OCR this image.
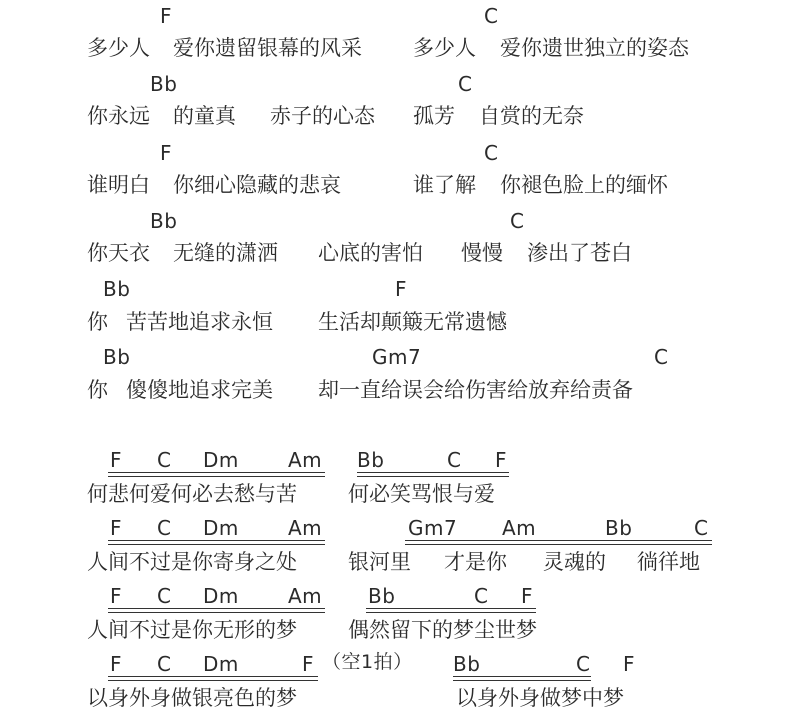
F	C
多少人 爱你遗留银幕的风采 多少人 爱你遗世独立的姿态
Bb	C
你永远 的童真 赤子的心态 孤芳 自赏的无奈
F	C
谁明白 你细心隐藏的悲哀	谁了解 你褪色脸上的缅怀
Bb	C
你天衣 无缝的潇洒 心底的害怕 慢慢 渗出了苍白
Bb	F
你 苦苦地追求永恒 生活却颠簸无常遗憾
Bb	Gm7	C
你 傻傻地追求完美 却一直给误会给伤害给放弃给责备
F C Dm Am Bb	C F
何悲何爱何必去愁与苦 何必笑骂恨与爱
F C Dm Am	Gm7 Am	Bb	C
人间不过是你寄身之处 银河里 才是你 灵魂的 徜徉地
F C Dm Am Bb	C F
人间不过是你无形的梦 偶然留下的梦尘世梦
F C Dm	F （空1拍） Bb	C F
以身外身做银亮色的梦	以身外身做梦中梦
